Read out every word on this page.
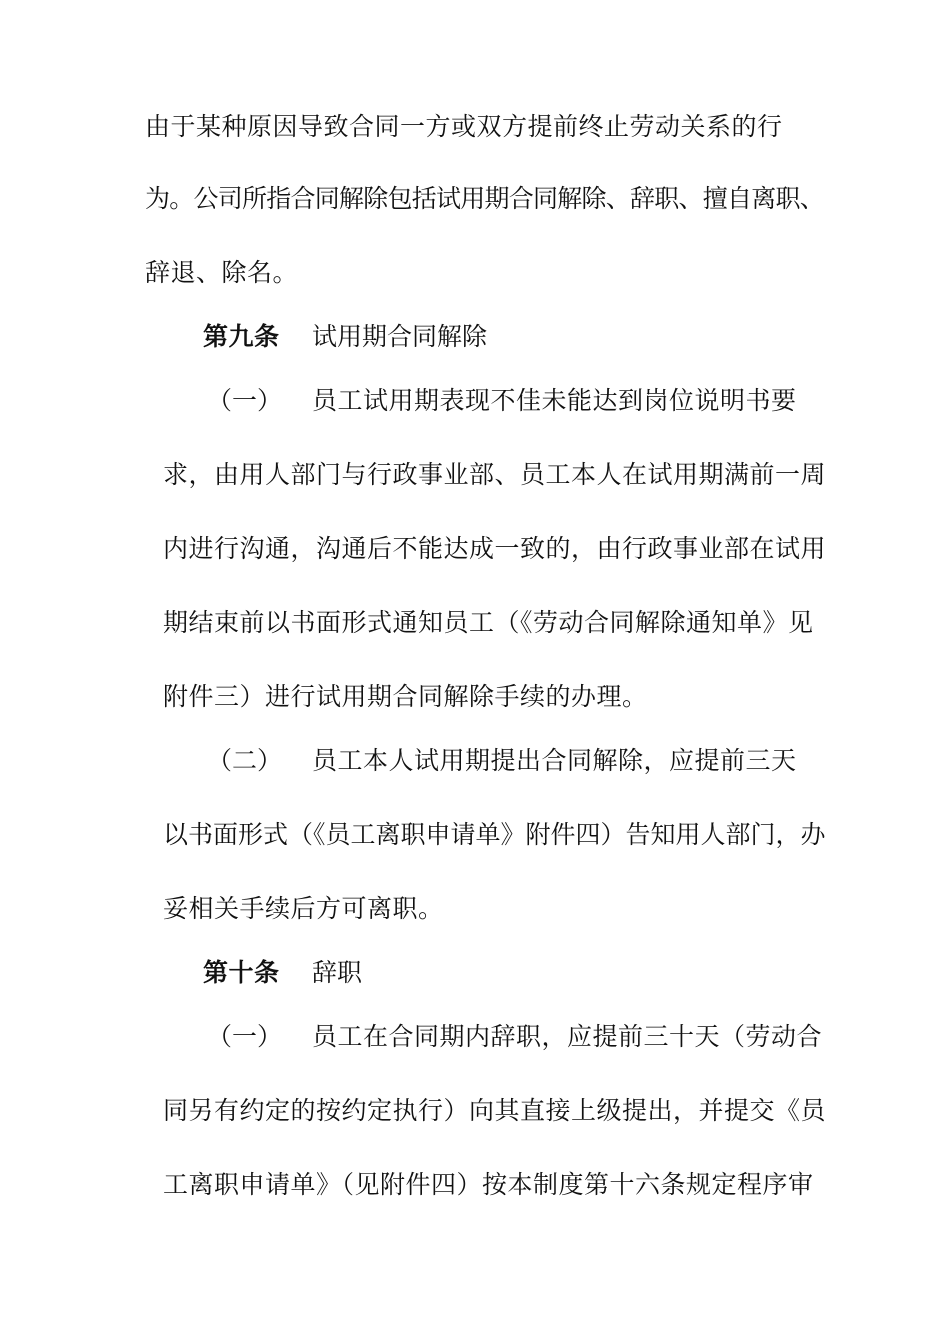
由于某种原因导致合同一方或双方提前终止劳动关系的行
为。公司所指合同解除包括试用期合同解除、辞职、擅自离职、
辞退、除名。
第九条 试用期合同解除
（一） 员工试用期表现不佳未能达到岗位说明书要
求，由用人部门与行政事业部、员工本人在试用期满前一周
内进行沟通，沟通后不能达成一致的，由行政事业部在试用
期结束前以书面形式通知员工（《劳动合同解除通知单》见
附件三）进行试用期合同解除手续的办理。
（二） 员工本人试用期提出合同解除，应提前三天
以书面形式（《员工离职申请单》附件四）告知用人部门，办
妥相关手续后方可离职。
第十条 辞职
（一） 员工在合同期内辞职，应提前三十天（劳动合
同另有约定的按约定执行）向其直接上级提出，并提交《员
工离职申请单》（见附件四）按本制度第十六条规定程序审
